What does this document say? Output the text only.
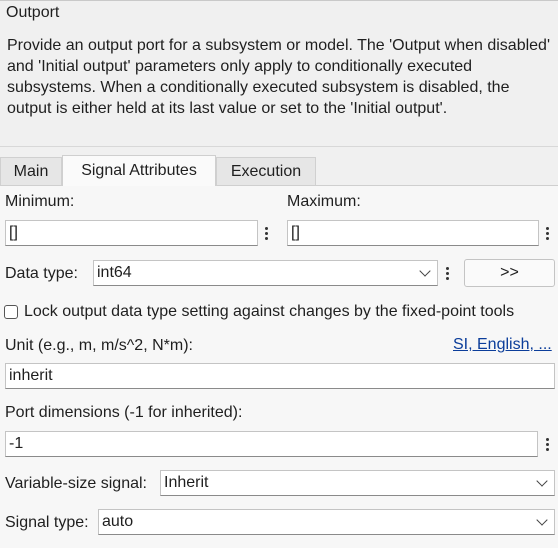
Outport
Provide an output port for a subsystem or model. The 'Output when disabled' and 'Initial output' parameters only apply to conditionally executed subsystems. When a conditionally executed subsystem is disabled, the output is either held at its last value or set to the 'Initial output'.
Main	Signal Attributes	Execution
Minimum:
[]
Maximum:
[]
Data type: int64	>>
Lock output data type setting against changes by the fixed-point tools
Unit (e.g., m, m/s^2, N*m):	SI, English, ...
inherit
Port dimensions (-1 for inherited):
-1
Variable-size signal: Inherit
Signal type: auto
